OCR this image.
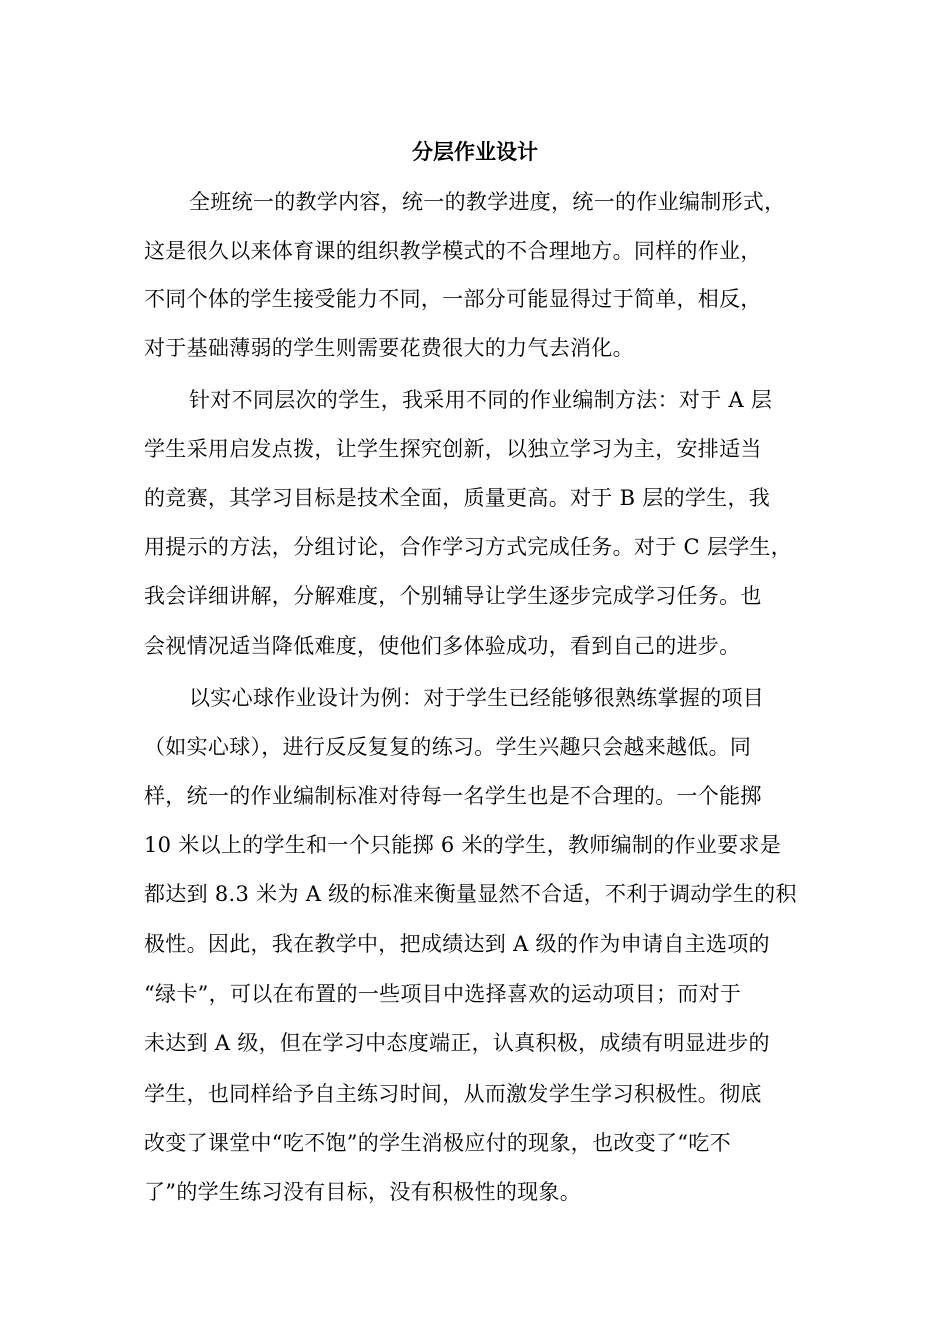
分层作业设计
全班统一的教学内容，统一的教学进度，统一的作业编制形式，
这是很久以来体育课的组织教学模式的不合理地方。同样的作业，
不同个体的学生接受能力不同，一部分可能显得过于简单，相反，
对于基础薄弱的学生则需要花费很大的力气去消化。
针对不同层次的学生，我采用不同的作业编制方法：对于 A 层
学生采用启发点拨，让学生探究创新，以独立学习为主，安排适当
的竞赛，其学习目标是技术全面，质量更高。对于 B 层的学生，我
用提示的方法，分组讨论，合作学习方式完成任务。对于 C 层学生，
我会详细讲解，分解难度，个别辅导让学生逐步完成学习任务。也
会视情况适当降低难度，使他们多体验成功，看到自己的进步。
以实心球作业设计为例：对于学生已经能够很熟练掌握的项目
（如实心球），进行反反复复的练习。学生兴趣只会越来越低。同
样，统一的作业编制标准对待每一名学生也是不合理的。一个能掷
10 米以上的学生和一个只能掷 6 米的学生，教师编制的作业要求是
都达到 8.3 米为 A 级的标准来衡量显然不合适，不利于调动学生的积
极性。因此，我在教学中，把成绩达到 A 级的作为申请自主选项的
“绿卡”，可以在布置的一些项目中选择喜欢的运动项目；而对于
未达到 A 级，但在学习中态度端正，认真积极，成绩有明显进步的
学生，也同样给予自主练习时间，从而激发学生学习积极性。彻底
改变了课堂中“吃不饱”的学生消极应付的现象，也改变了“吃不
了”的学生练习没有目标，没有积极性的现象。
